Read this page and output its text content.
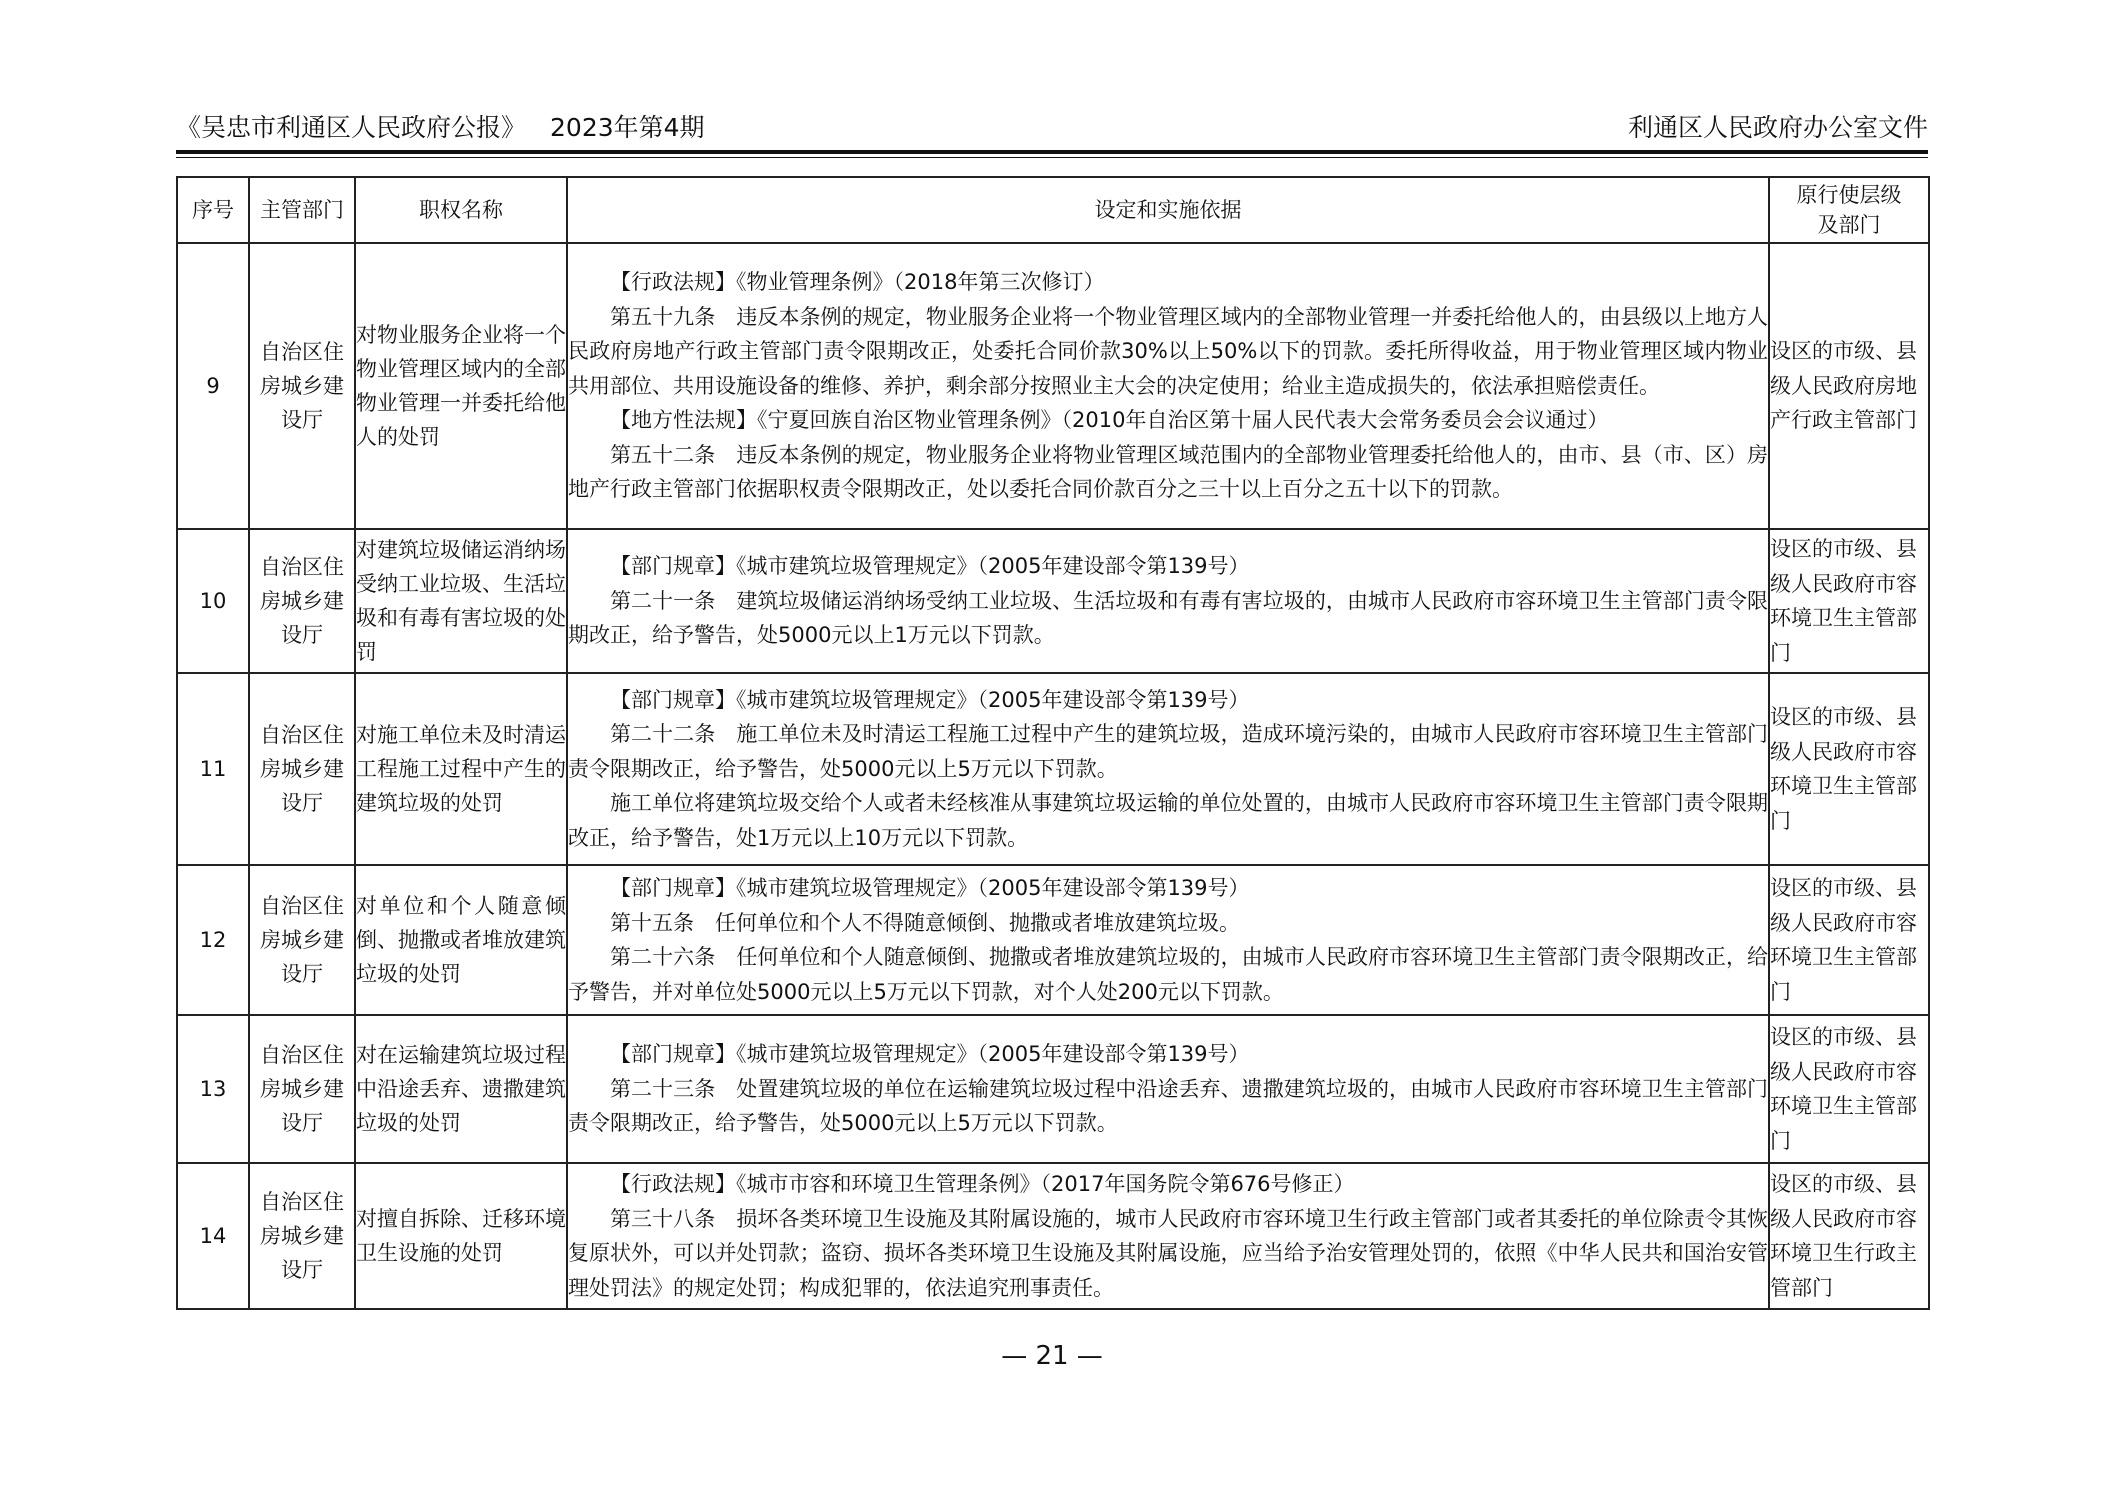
《吴忠市利通区人民政府公报》 2023年第4期	利通区人民政府办公室文件
序号	主管部门	职权名称	设定和实施依据	原行使层级
及部门
9	自治区住房城乡建设厅	对物业服务企业将一个物业管理区域内的全部物业管理一并委托给他人的处罚	【行政法规】《物业管理条例》（2018年第三次修订）

第五十九条　违反本条例的规定，物业服务企业将一个物业管理区域内的全部物业管理一并委托给他人的，由县级以上地方人民政府房地产行政主管部门责令限期改正，处委托合同价款30%以上50%以下的罚款。委托所得收益，用于物业管理区域内物业共用部位、共用设施设备的维修、养护，剩余部分按照业主大会的决定使用；给业主造成损失的，依法承担赔偿责任。

【地方性法规】《宁夏回族自治区物业管理条例》（2010年自治区第十届人民代表大会常务委员会会议通过）

第五十二条　违反本条例的规定，物业服务企业将物业管理区域范围内的全部物业管理委托给他人的，由市、县（市、区）房地产行政主管部门依据职权责令限期改正，处以委托合同价款百分之三十以上百分之五十以下的罚款。	设区的市级、县级人民政府房地产行政主管部门
10	自治区住房城乡建设厅	对建筑垃圾储运消纳场受纳工业垃圾、生活垃圾和有毒有害垃圾的处罚	【部门规章】《城市建筑垃圾管理规定》（2005年建设部令第139号）

第二十一条　建筑垃圾储运消纳场受纳工业垃圾、生活垃圾和有毒有害垃圾的，由城市人民政府市容环境卫生主管部门责令限期改正，给予警告，处5000元以上1万元以下罚款。	设区的市级、县级人民政府市容环境卫生主管部门
11	自治区住房城乡建设厅	对施工单位未及时清运工程施工过程中产生的建筑垃圾的处罚	【部门规章】《城市建筑垃圾管理规定》（2005年建设部令第139号）

第二十二条　施工单位未及时清运工程施工过程中产生的建筑垃圾，造成环境污染的，由城市人民政府市容环境卫生主管部门责令限期改正，给予警告，处5000元以上5万元以下罚款。

施工单位将建筑垃圾交给个人或者未经核准从事建筑垃圾运输的单位处置的，由城市人民政府市容环境卫生主管部门责令限期改正，给予警告，处1万元以上10万元以下罚款。	设区的市级、县级人民政府市容环境卫生主管部门
12	自治区住房城乡建设厅	对单位和个人随意倾倒、抛撒或者堆放建筑垃圾的处罚	【部门规章】《城市建筑垃圾管理规定》（2005年建设部令第139号）

第十五条　任何单位和个人不得随意倾倒、抛撒或者堆放建筑垃圾。

第二十六条　任何单位和个人随意倾倒、抛撒或者堆放建筑垃圾的，由城市人民政府市容环境卫生主管部门责令限期改正，给予警告，并对单位处5000元以上5万元以下罚款，对个人处200元以下罚款。	设区的市级、县级人民政府市容环境卫生主管部门
13	自治区住房城乡建设厅	对在运输建筑垃圾过程中沿途丢弃、遗撒建筑垃圾的处罚	【部门规章】《城市建筑垃圾管理规定》（2005年建设部令第139号）

第二十三条　处置建筑垃圾的单位在运输建筑垃圾过程中沿途丢弃、遗撒建筑垃圾的，由城市人民政府市容环境卫生主管部门责令限期改正，给予警告，处5000元以上5万元以下罚款。	设区的市级、县级人民政府市容环境卫生主管部门
14	自治区住房城乡建设厅	对擅自拆除、迁移环境卫生设施的处罚	【行政法规】《城市市容和环境卫生管理条例》（2017年国务院令第676号修正）

第三十八条　损坏各类环境卫生设施及其附属设施的，城市人民政府市容环境卫生行政主管部门或者其委托的单位除责令其恢复原状外，可以并处罚款；盗窃、损坏各类环境卫生设施及其附属设施，应当给予治安管理处罚的，依照《中华人民共和国治安管理处罚法》的规定处罚；构成犯罪的，依法追究刑事责任。	设区的市级、县级人民政府市容环境卫生行政主管部门
— 21 —
